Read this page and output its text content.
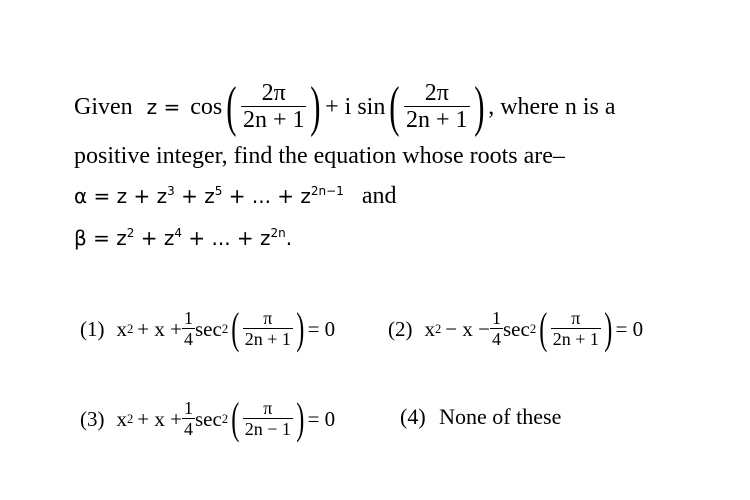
Given z = cos ( $\frac{2\pi}{2n + 1}$ ) + i sin ( $\frac{2\pi}{2n + 1}$ ) , where n is a
positive integer, find the equation whose roots are–
$\alpha = z + z^3 + z^5$ + ... + $z^{2n-1}$ and
$\beta = z^2 + z^4$ + ... + $z^{2n}$.
(1) x $2 + x + \frac{1}{4}$ sec 2 ( $\frac{\pi}{2n + 1}$ ) = 0	(2) x $2 - x - \frac{1}{4}$ sec 2 ( $\frac{\pi}{2n + 1}$ ) = 0
(3) x $2 + x + \frac{1}{4}$ sec 2 ( $\frac{\pi}{2n - 1}$ ) = 0	(4) None of these
